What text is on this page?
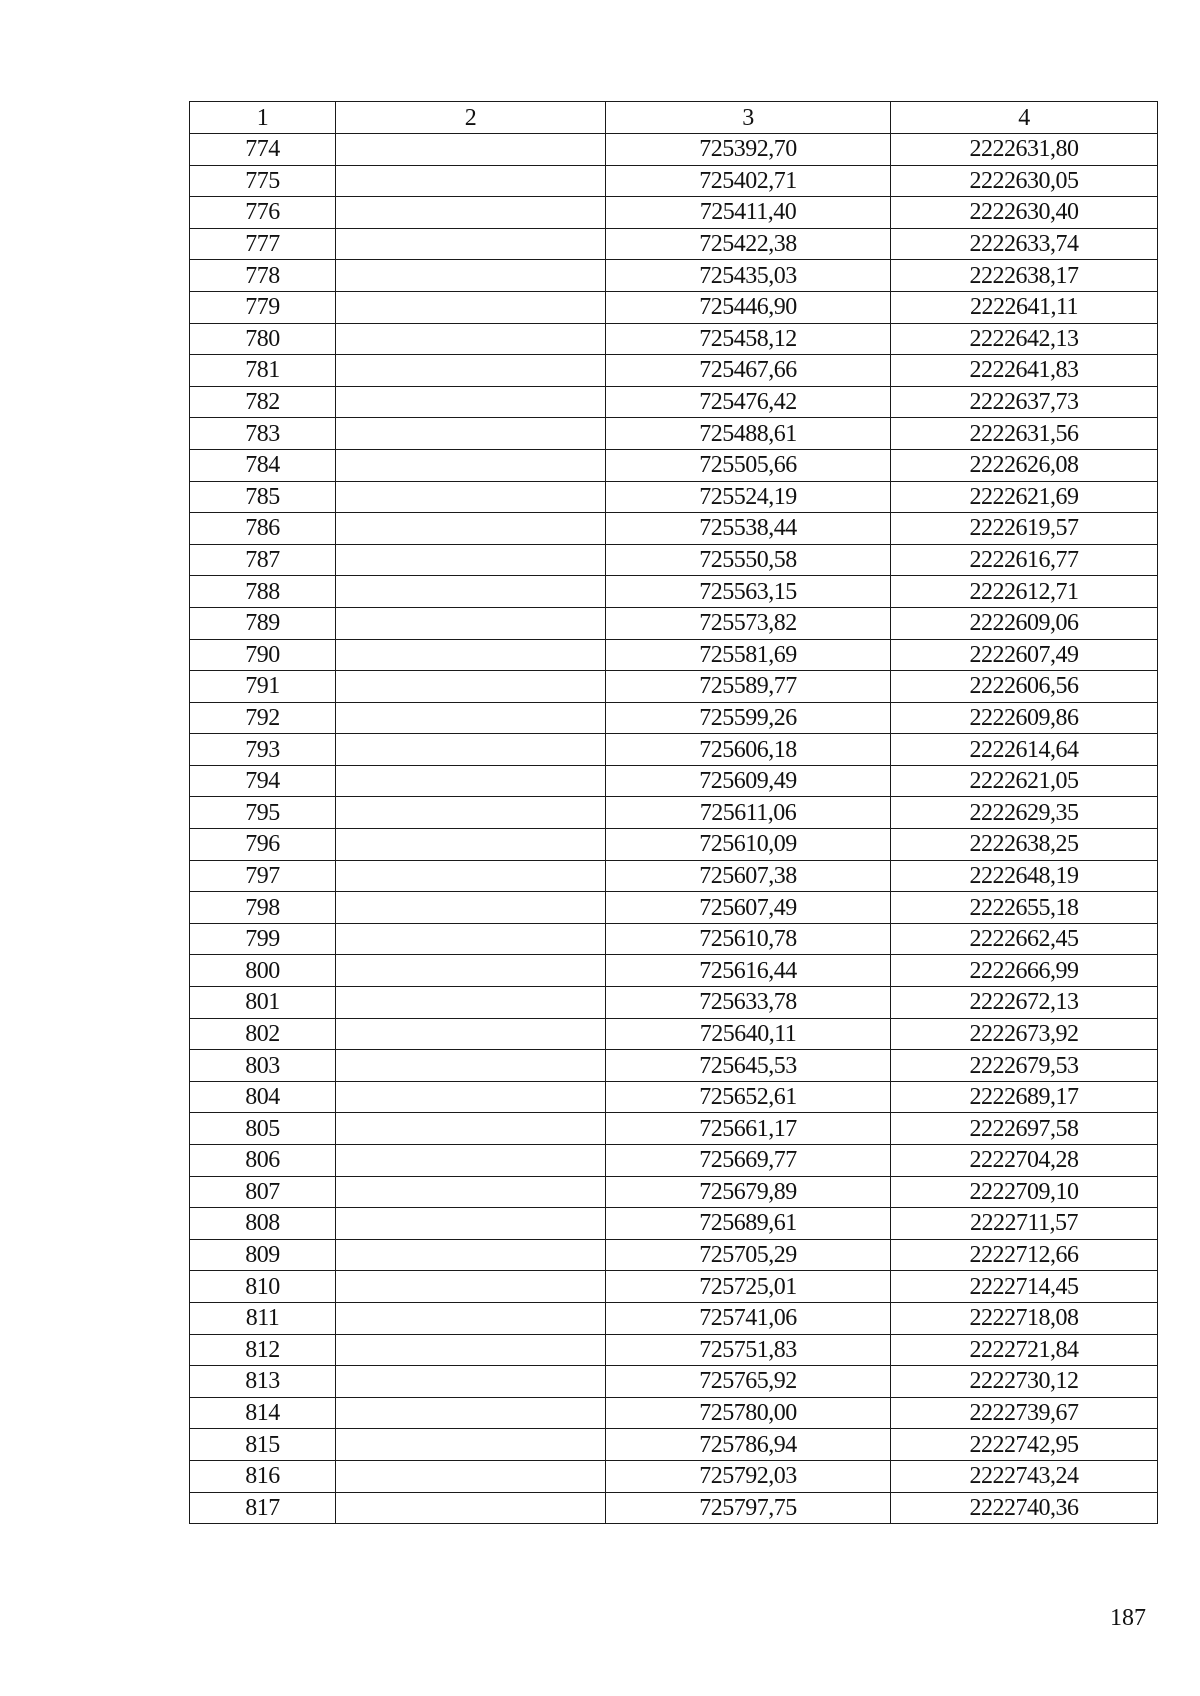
1	2	3	4
774		725392,70	2222631,80
775		725402,71	2222630,05
776		725411,40	2222630,40
777		725422,38	2222633,74
778		725435,03	2222638,17
779		725446,90	2222641,11
780		725458,12	2222642,13
781		725467,66	2222641,83
782		725476,42	2222637,73
783		725488,61	2222631,56
784		725505,66	2222626,08
785		725524,19	2222621,69
786		725538,44	2222619,57
787		725550,58	2222616,77
788		725563,15	2222612,71
789		725573,82	2222609,06
790		725581,69	2222607,49
791		725589,77	2222606,56
792		725599,26	2222609,86
793		725606,18	2222614,64
794		725609,49	2222621,05
795		725611,06	2222629,35
796		725610,09	2222638,25
797		725607,38	2222648,19
798		725607,49	2222655,18
799		725610,78	2222662,45
800		725616,44	2222666,99
801		725633,78	2222672,13
802		725640,11	2222673,92
803		725645,53	2222679,53
804		725652,61	2222689,17
805		725661,17	2222697,58
806		725669,77	2222704,28
807		725679,89	2222709,10
808		725689,61	2222711,57
809		725705,29	2222712,66
810		725725,01	2222714,45
811		725741,06	2222718,08
812		725751,83	2222721,84
813		725765,92	2222730,12
814		725780,00	2222739,67
815		725786,94	2222742,95
816		725792,03	2222743,24
817		725797,75	2222740,36
187
